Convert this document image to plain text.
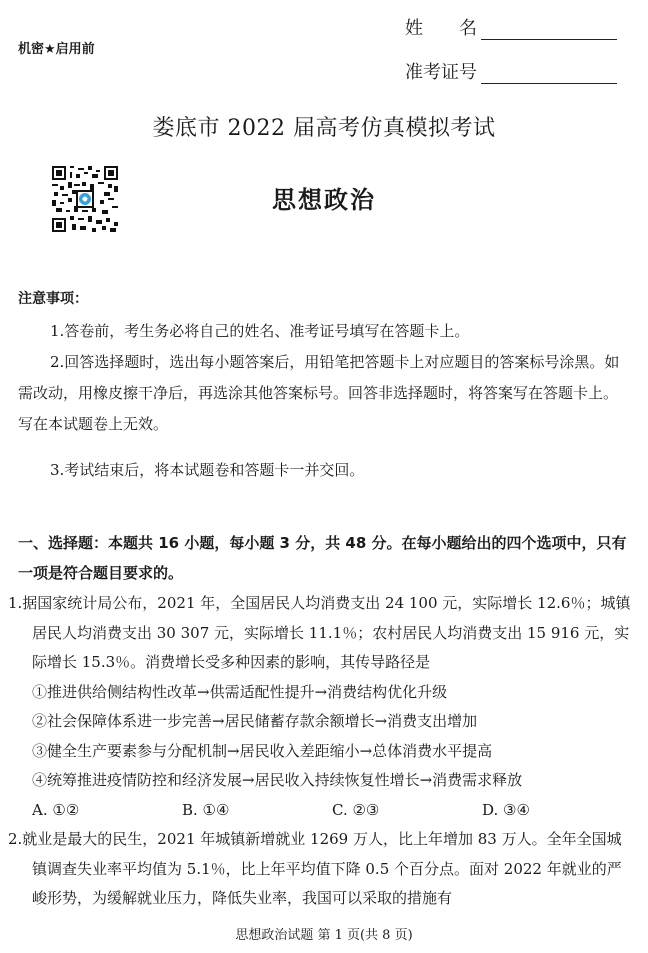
机密★启用前
姓　　名
准考证号
娄底市 2022 届高考仿真模拟考试
思想政治
注意事项：
1.答卷前，考生务必将自己的姓名、准考证号填写在答题卡上。
2.回答选择题时，选出每小题答案后，用铅笔把答题卡上对应题目的答案标号涂黑。如需改动，用橡皮擦干净后，再选涂其他答案标号。回答非选择题时，将答案写在答题卡上。写在本试题卷上无效。
3.考试结束后，将本试题卷和答题卡一并交回。
一、选择题：本题共 16 小题，每小题 3 分，共 48 分。在每小题给出的四个选项中，只有一项是符合题目要求的。
1.据国家统计局公布，2021 年，全国居民人均消费支出 24 100 元，实际增长 12.6％；城镇居民人均消费支出 30 307 元，实际增长 11.1％；农村居民人均消费支出 15 916 元，实际增长 15.3％。消费增长受多种因素的影响，其传导路径是
①推进供给侧结构性改革→供需适配性提升→消费结构优化升级
②社会保障体系进一步完善→居民储蓄存款余额增长→消费支出增加
③健全生产要素参与分配机制→居民收入差距缩小→总体消费水平提高
④统筹推进疫情防控和经济发展→居民收入持续恢复性增长→消费需求释放
A. ①②	B. ①④	C. ②③	D. ③④
2.就业是最大的民生，2021 年城镇新增就业 1269 万人，比上年增加 83 万人。全年全国城镇调查失业率平均值为 5.1％，比上年平均值下降 0.5 个百分点。面对 2022 年就业的严峻形势，为缓解就业压力，降低失业率，我国可以采取的措施有
思想政治试题 第 1 页(共 8 页)
